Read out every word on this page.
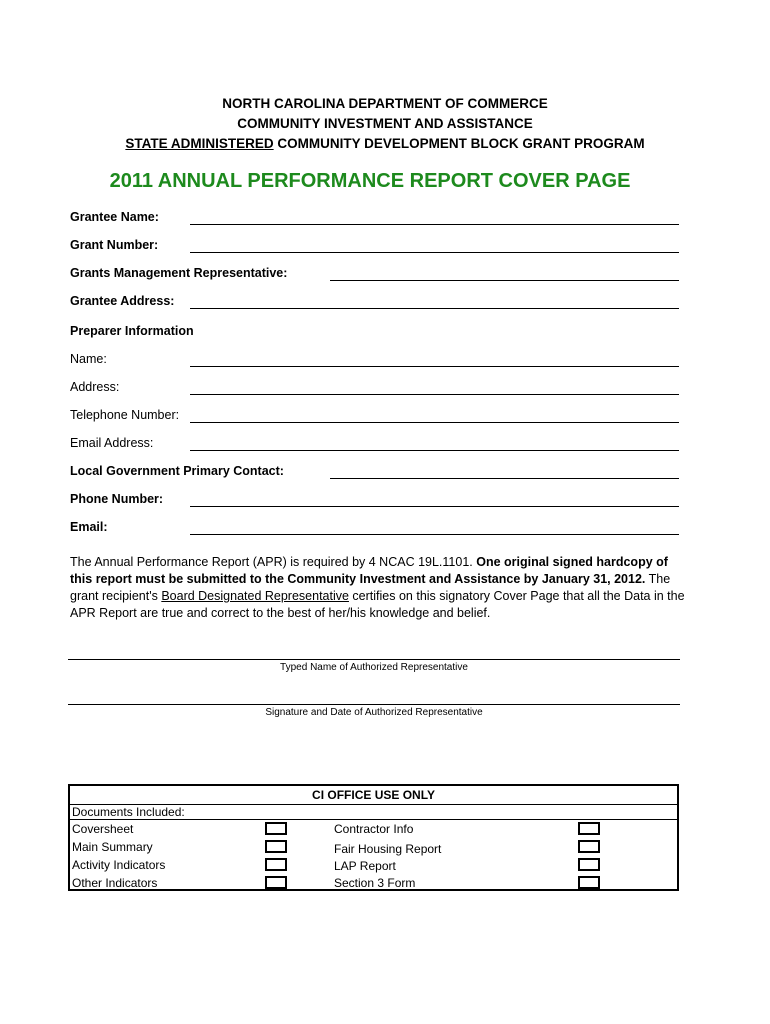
NORTH CAROLINA DEPARTMENT OF COMMERCE
COMMUNITY INVESTMENT AND ASSISTANCE
STATE ADMINISTERED COMMUNITY DEVELOPMENT BLOCK GRANT PROGRAM
2011 ANNUAL PERFORMANCE REPORT COVER PAGE
Grantee Name:
Grant Number:
Grants Management Representative:
Grantee Address:
Preparer Information
Name:
Address:
Telephone Number:
Email Address:
Local Government Primary Contact:
Phone Number:
Email:
The Annual Performance Report (APR) is required by 4 NCAC 19L.1101. One original signed hardcopy of this report must be submitted to the Community Investment and Assistance by January 31, 2012. The grant recipient's Board Designated Representative certifies on this signatory Cover Page that all the Data in the APR Report are true and correct to the best of her/his knowledge and belief.
Typed Name of Authorized Representative
Signature and Date of Authorized Representative
CI OFFICE USE ONLY
Documents Included:
Coversheet
Main Summary
Activity Indicators
Other Indicators
Contractor Info
Fair Housing Report
LAP Report
Section 3 Form
